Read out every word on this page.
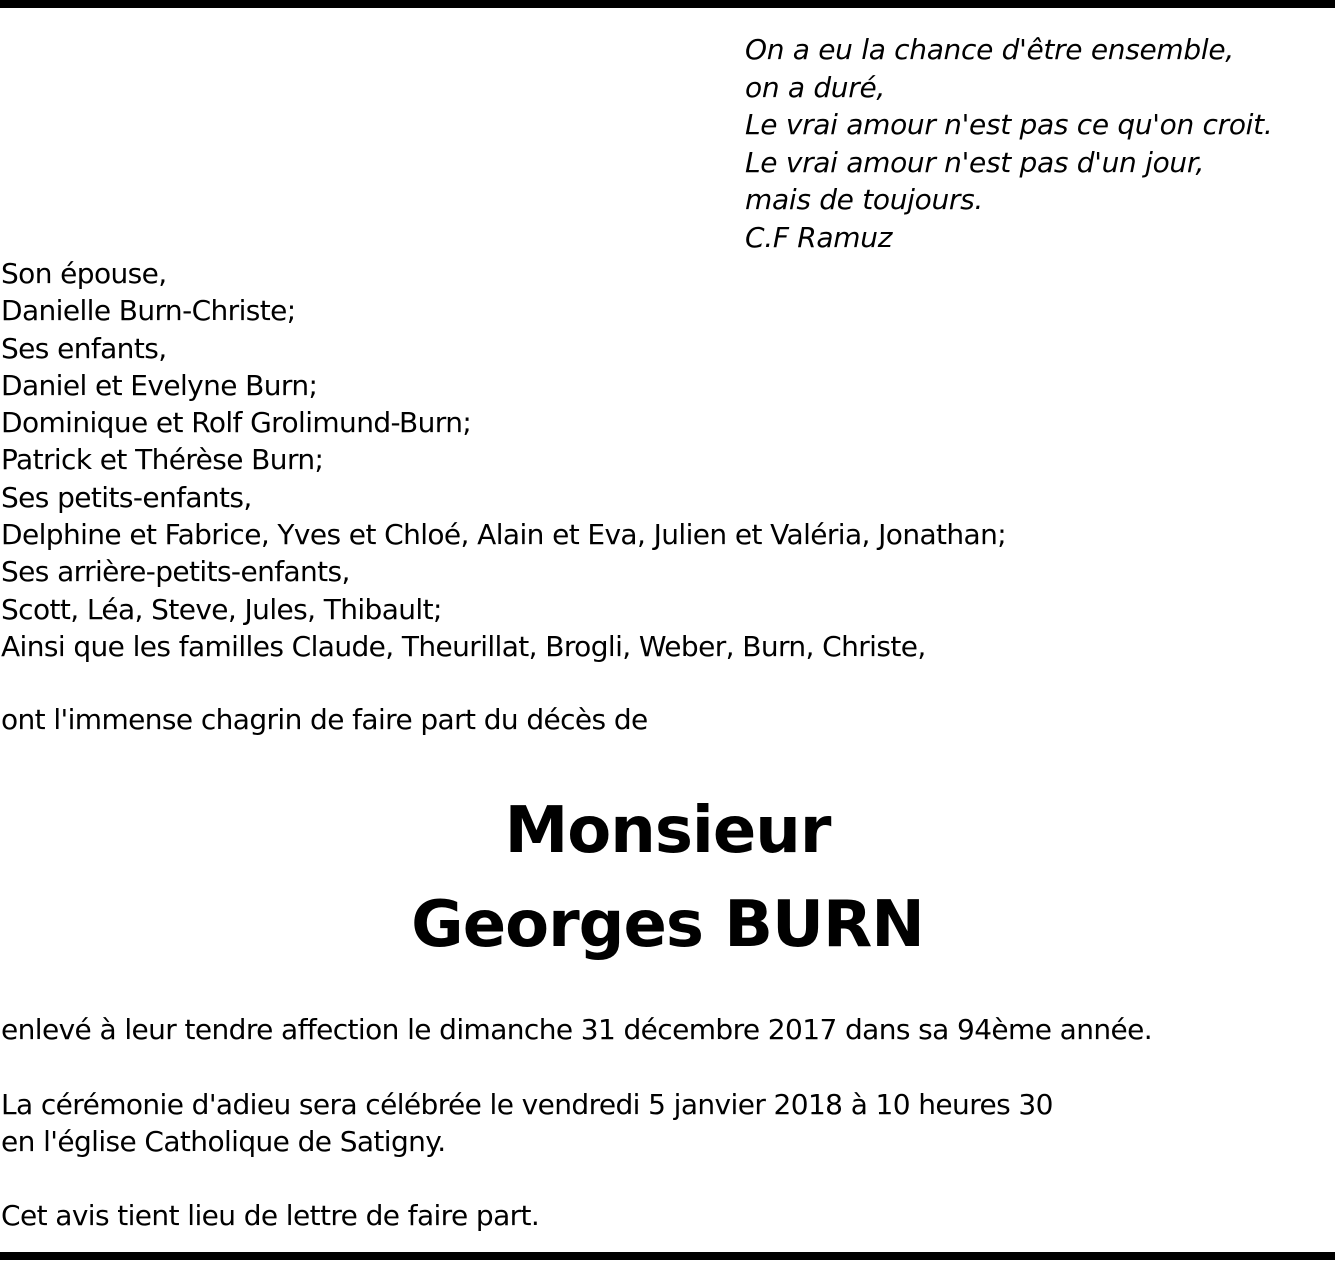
On a eu la chance d'être ensemble,
on a duré,
Le vrai amour n'est pas ce qu'on croit.
Le vrai amour n'est pas d'un jour,
mais de toujours.
C.F Ramuz
Son épouse,
Danielle Burn-Christe;
Ses enfants,
Daniel et Evelyne Burn;
Dominique et Rolf Grolimund-Burn;
Patrick et Thérèse Burn;
Ses petits-enfants,
Delphine et Fabrice, Yves et Chloé, Alain et Eva, Julien et Valéria, Jonathan;
Ses arrière-petits-enfants,
Scott, Léa, Steve, Jules, Thibault;
Ainsi que les familles Claude, Theurillat, Brogli, Weber, Burn, Christe,
ont l'immense chagrin de faire part du décès de
Monsieur
Georges BURN
enlevé à leur tendre affection le dimanche 31 décembre 2017 dans sa 94ème année.
La cérémonie d'adieu sera célébrée le vendredi 5 janvier 2018 à 10 heures 30
en l'église Catholique de Satigny.
Cet avis tient lieu de lettre de faire part.
